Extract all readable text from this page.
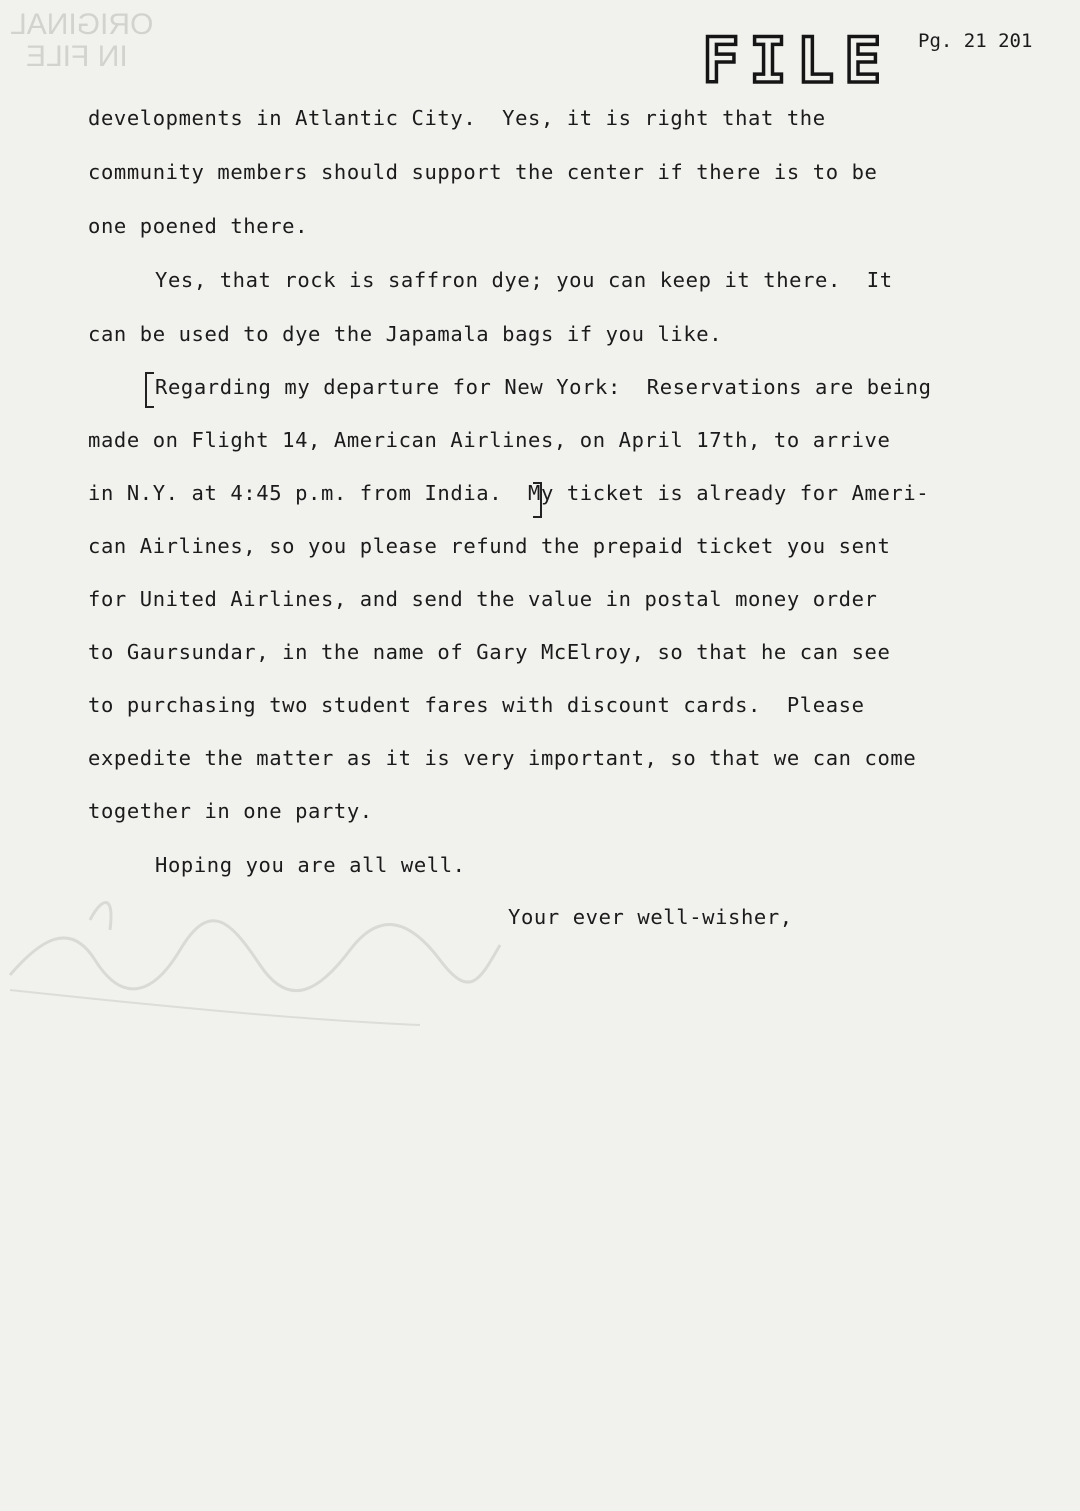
ORIGINAL
IN FILE	FILE Pg. 21 201
developments in Atlantic City.  Yes, it is right that the
community members should support the center if there is to be
one poened there.
Yes, that rock is saffron dye; you can keep it there.  It
can be used to dye the Japamala bags if you like.
Regarding my departure for New York:  Reservations are being
made on Flight 14, American Airlines, on April 17th, to arrive
in N.Y. at 4:45 p.m. from India.  My ticket is already for Ameri-
can Airlines, so you please refund the prepaid ticket you sent
for United Airlines, and send the value in postal money order
to Gaursundar, in the name of Gary McElroy, so that he can see
to purchasing two student fares with discount cards.  Please
expedite the matter as it is very important, so that we can come
together in one party.
Hoping you are all well.
Your ever well-wisher,
